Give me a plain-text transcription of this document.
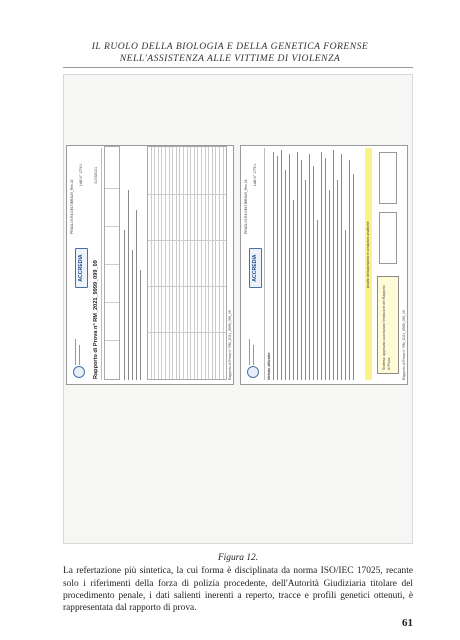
IL RUOLO DELLA BIOLOGIA E DELLA GENETICA FORENSE
NELL'ASSISTENZA ALLE VITTIME DI VIOLENZA
PRACL09.R4.DELTIBRALR_Rev.18
ACCREDIA
LAB N° 1776 L
Rapporto di Prova n° RM_2021_9999_099_09
01/03/2021
Rapporto di Prova n° RM_2021_9999_099_09
PRACL09.R4.DELTIBRALR_Rev.18
ACCREDIA
LAB N° 1776 L
Metodo utilizzato
Analisi del laboratorio e condizioni analitiche
Sistema: approvato autorizzato l'emissione del Rapporto di Prova	Rapporto di Prova n° RM_2021_9999_099_09
Figura 12.
La refertazione più sintetica, la cui forma è disciplinata da norma ISO/IEC 17025, recante solo i riferimenti della forza di polizia procedente, dell'Autorità Giudiziaria titolare del procedimento penale, i dati salienti inerenti a reperto, tracce e profili genetici ottenuti, è rappresentata dal rapporto di prova.
61
